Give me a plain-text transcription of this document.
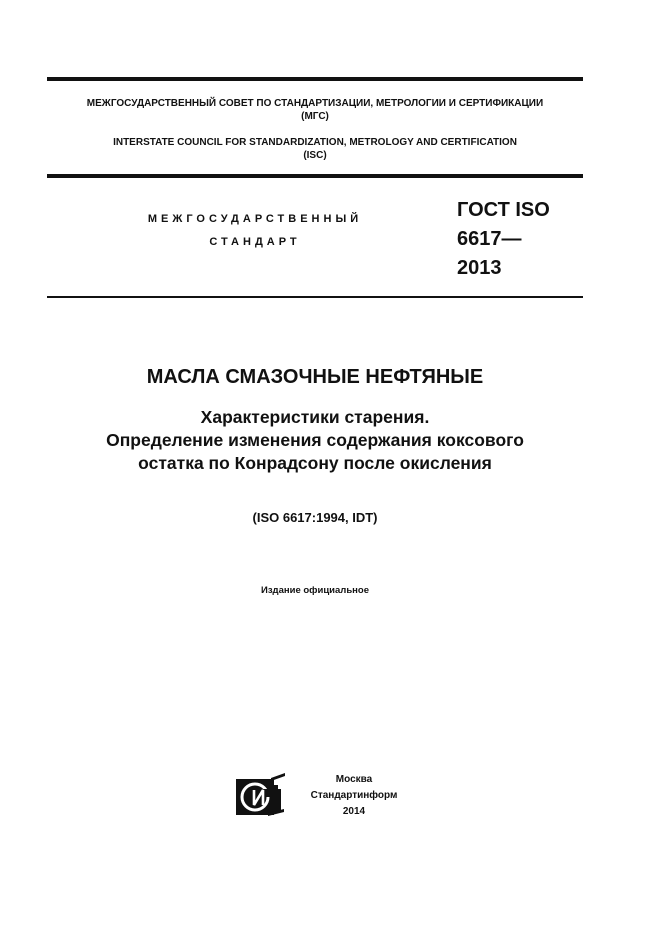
МЕЖГОСУДАРСТВЕННЫЙ СОВЕТ ПО СТАНДАРТИЗАЦИИ, МЕТРОЛОГИИ И СЕРТИФИКАЦИИ
(МГС)
INTERSTATE COUNCIL FOR STANDARDIZATION, METROLOGY AND CERTIFICATION
(ISC)
МЕЖГОСУДАРСТВЕННЫЙ
СТАНДАРТ
ГОСТ ISO
6617—
2013
МАСЛА СМАЗОЧНЫЕ НЕФТЯНЫЕ
Характеристики старения.
Определение изменения содержания коксового
остатка по Конрадсону после окисления
(ISO 6617:1994, IDT)
Издание официальное
Москва
Стандартинформ
2014
